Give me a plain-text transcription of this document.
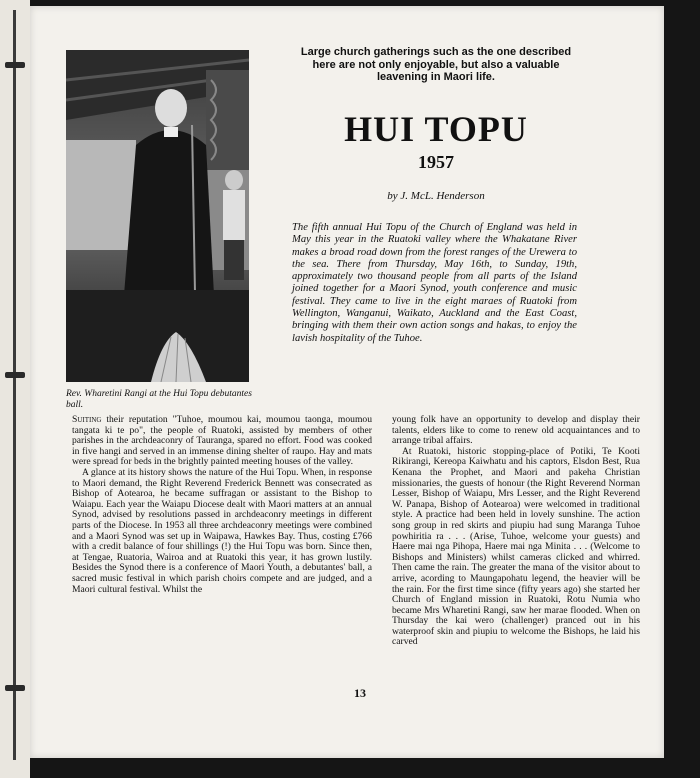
Rev. Wharetini Rangi at the Hui Topu debutantes ball.
Large church gatherings such as the one described here are not only enjoyable, but also a valuable leavening in Maori life.
HUI TOPU
1957
by J. McL. Henderson
The fifth annual Hui Topu of the Church of England was held in May this year in the Ruatoki valley where the Whakatane River makes a broad road down from the forest ranges of the Urewera to the sea. There from Thursday, May 16th, to Sunday, 19th, approximately two thousand people from all parts of the Island joined together for a Maori Synod, youth conference and music festival. They came to live in the eight maraes of Ruatoki from Wellington, Wanganui, Waikato, Auckland and the East Coast, bringing with them their own action songs and hakas, to enjoy the lavish hospitality of the Tuhoe.

Suiting their reputation "Tuhoe, moumou kai, moumou taonga, moumou tangata ki te po", the people of Ruatoki, assisted by members of other parishes in the archdeaconry of Tauranga, spared no effort. Food was cooked in five hangi and served in an immense dining shelter of raupo. Hay and mats were spread for beds in the brightly painted meeting houses of the valley.

A glance at its history shows the nature of the Hui Topu. When, in response to Maori demand, the Right Reverend Frederick Bennett was consecrated as Bishop of Aotearoa, he became suffragan or assistant to the Bishop to Waiapu. Each year the Waiapu Diocese dealt with Maori matters at an annual Synod, advised by resolutions passed in archdeaconry meetings in different parts of the Diocese. In 1953 all three archdeaconry meetings were combined and a Maori Synod was set up in Waipawa, Hawkes Bay. Thus, costing £766 with a credit balance of four shillings (!) the Hui Topu was born. Since then, at Tengae, Ruatoria, Wairoa and at Ruatoki this year, it has grown lustily. Besides the Synod there is a conference of Maori Youth, a debutantes' ball, a sacred music festival in which parish choirs compete and are judged, and a Maori cultural festival. Whilst the

young folk have an opportunity to develop and display their talents, elders like to come to renew old acquaintances and to arrange tribal affairs.

At Ruatoki, historic stopping-place of Potiki, Te Kooti Rikirangi, Kereopa Kaiwhatu and his captors, Elsdon Best, Rua Kenana the Prophet, and Maori and pakeha Christian missionaries, the guests of honour (the Right Reverend Norman Lesser, Bishop of Waiapu, Mrs Lesser, and the Right Reverend W. Panapa, Bishop of Aotearoa) were welcomed in traditional style. A practice had been held in lovely sunshine. The action song group in red skirts and piupiu had sung Maranga Tuhoe powhiritia ra . . . (Arise, Tuhoe, welcome your guests) and Haere mai nga Pihopa, Haere mai nga Minita . . . (Welcome to Bishops and Ministers) whilst cameras clicked and whirred. Then came the rain. The greater the mana of the visitor about to arrive, acording to Maungapohatu legend, the heavier will be the rain. For the first time since (fifty years ago) she started her Church of England mission in Ruatoki, Rotu Numia who became Mrs Wharetini Rangi, saw her marae flooded. When on Thursday the kai wero (challenger) pranced out in his waterproof skin and piupiu to welcome the Bishops, he laid his carved

13
